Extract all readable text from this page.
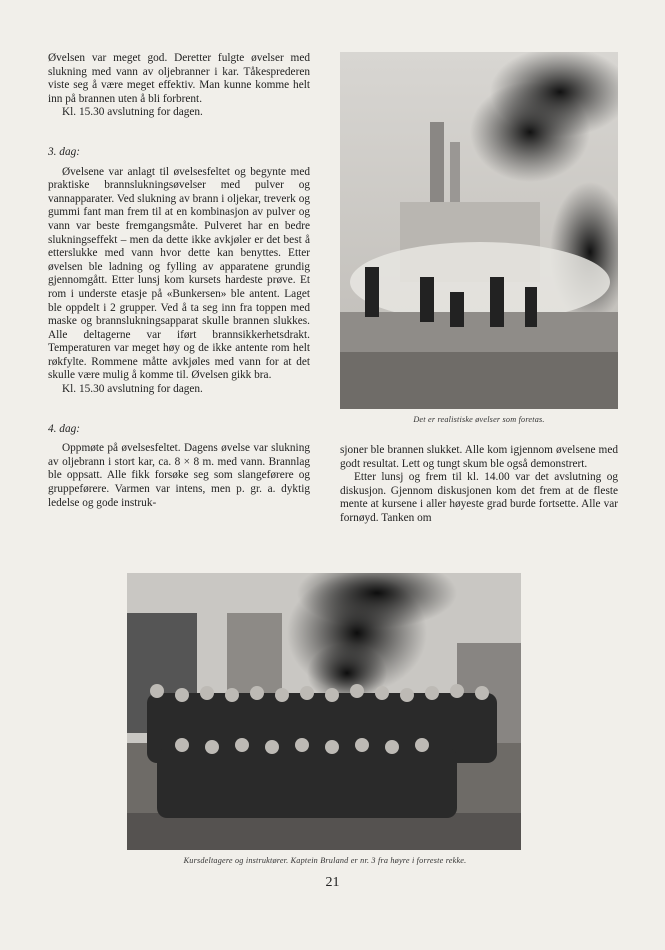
Øvelsen var meget god. Deretter fulgte øvelser med slukning med vann av oljebranner i kar. Tåkesprederen viste seg å være meget effektiv. Man kunne komme helt inn på brannen uten å bli forbrent.

Kl. 15.30 avslutning for dagen.

3. dag:

Øvelsene var anlagt til øvelsesfeltet og begynte med praktiske brannslukningsøvelser med pulver og vannapparater. Ved slukning av brann i oljekar, treverk og gummi fant man frem til at en kombinasjon av pulver og vann var beste fremgangsmåte. Pulveret har en bedre slukningseffekt – men da dette ikke avkjøler er det best å etterslukke med vann hvor dette kan benyttes. Etter øvelsen ble ladning og fylling av apparatene grundig gjennomgått. Etter lunsj kom kursets hardeste prøve. Et rom i underste etasje på «Bunkersen» ble antent. Laget ble oppdelt i 2 grupper. Ved å ta seg inn fra toppen med maske og brannslukningsapparat skulle brannen slukkes. Alle deltagerne var iført brannsikkerhetsdrakt. Temperaturen var meget høy og de ikke antente rom helt røkfylte. Rommene måtte avkjøles med vann for at det skulle være mulig å komme til. Øvelsen gikk bra.

Kl. 15.30 avslutning for dagen.

4. dag:

Oppmøte på øvelsesfeltet. Dagens øvelse var slukning av oljebrann i stort kar, ca. 8 × 8 m. med vann. Brannlag ble oppsatt. Alle fikk forsøke seg som slangeførere og gruppeførere. Varmen var intens, men p. gr. a. dyktig ledelse og gode instruk-

Det er realistiske øvelser som foretas.

sjoner ble brannen slukket. Alle kom igjennom øvelsene med godt resultat. Lett og tungt skum ble også demonstrert.

Etter lunsj og frem til kl. 14.00 var det avslutning og diskusjon. Gjennom diskusjonen kom det frem at de fleste mente at kursene i aller høyeste grad burde fortsette. Alle var fornøyd. Tanken om

Kursdeltagere og instruktører. Kaptein Bruland er nr. 3 fra høyre i forreste rekke.
21
